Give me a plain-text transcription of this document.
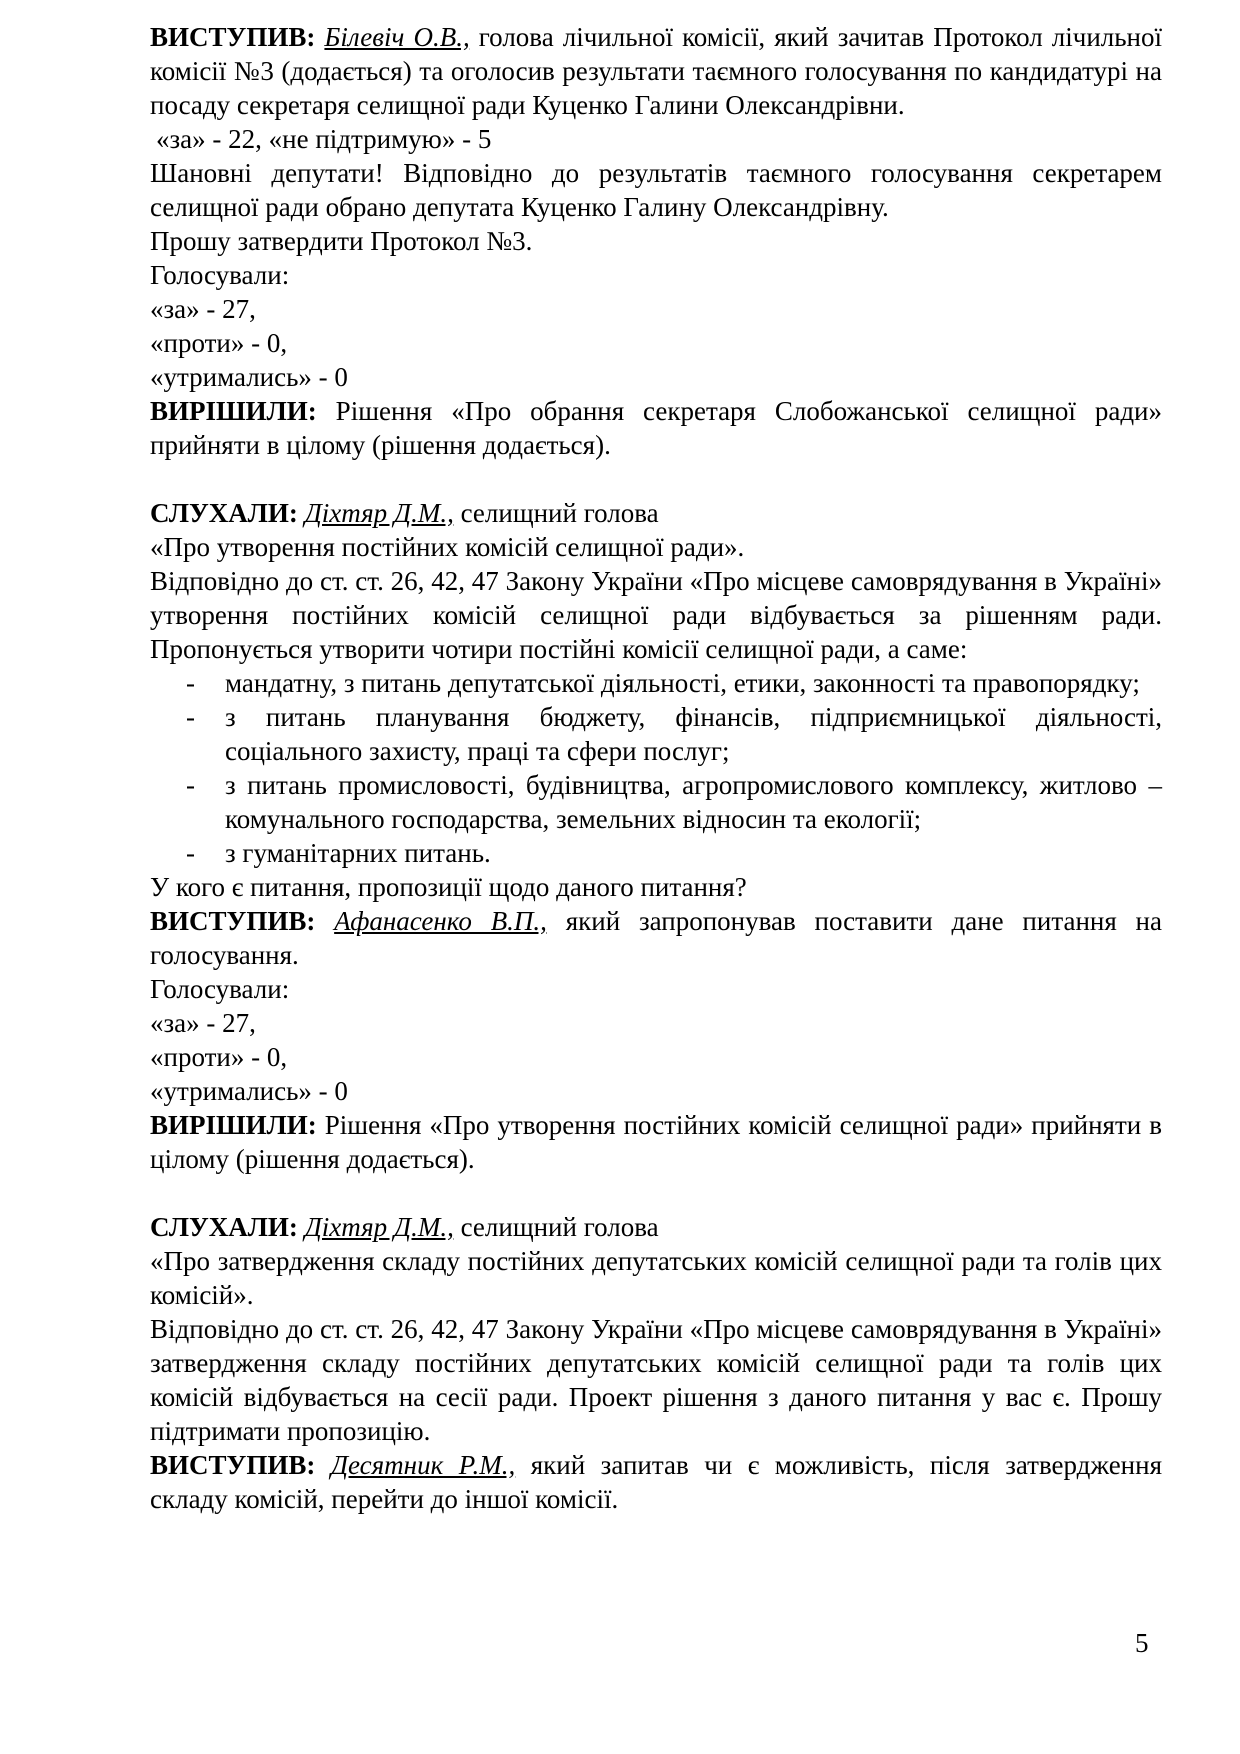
ВИСТУПИВ: Білевіч О.В., голова лічильної комісії, який зачитав Протокол лічильної комісії №3 (додається) та оголосив результати таємного голосування по кандидатурі на посаду секретаря селищної ради Куценко Галини Олександрівни.

«за» - 22, «не підтримую» - 5

Шановні депутати! Відповідно до результатів таємного голосування секретарем селищної ради обрано депутата Куценко Галину Олександрівну.

Прошу затвердити Протокол №3.

Голосували:

«за» - 27,

«проти» - 0,

«утримались» - 0

ВИРІШИЛИ: Рішення «Про обрання секретаря Слобожанської селищної ради» прийняти в цілому (рішення додається).

СЛУХАЛИ: Діхтяр Д.М., селищний голова

«Про утворення постійних комісій селищної ради».

Відповідно до ст. ст. 26, 42, 47 Закону України «Про місцеве самоврядування в Україні» утворення постійних комісій селищної ради відбувається за рішенням ради. Пропонується утворити чотири постійні комісії селищної ради, а саме:

- мандатну, з питань депутатської діяльності, етики, законності та правопорядку;
- з питань планування бюджету, фінансів, підприємницької діяльності, соціального захисту, праці та сфери послуг;
- з питань промисловості, будівництва, агропромислового комплексу, житлово – комунального господарства, земельних відносин та екології;
- з гуманітарних питань.

У кого є питання, пропозиції щодо даного питання?

ВИСТУПИВ: Афанасенко В.П., який запропонував поставити дане питання на голосування.

Голосували:

«за» - 27,

«проти» - 0,

«утримались» - 0

ВИРІШИЛИ: Рішення «Про утворення постійних комісій селищної ради» прийняти в цілому (рішення додається).

СЛУХАЛИ: Діхтяр Д.М., селищний голова

«Про затвердження складу постійних депутатських комісій селищної ради та голів цих комісій».

Відповідно до ст. ст. 26, 42, 47 Закону України «Про місцеве самоврядування в Україні» затвердження складу постійних депутатських комісій селищної ради та голів цих комісій відбувається на сесії ради. Проект рішення з даного питання у вас є. Прошу підтримати пропозицію.

ВИСТУПИВ: Десятник Р.М., який запитав чи є можливість, після затвердження складу комісій, перейти до іншої комісії.

5
